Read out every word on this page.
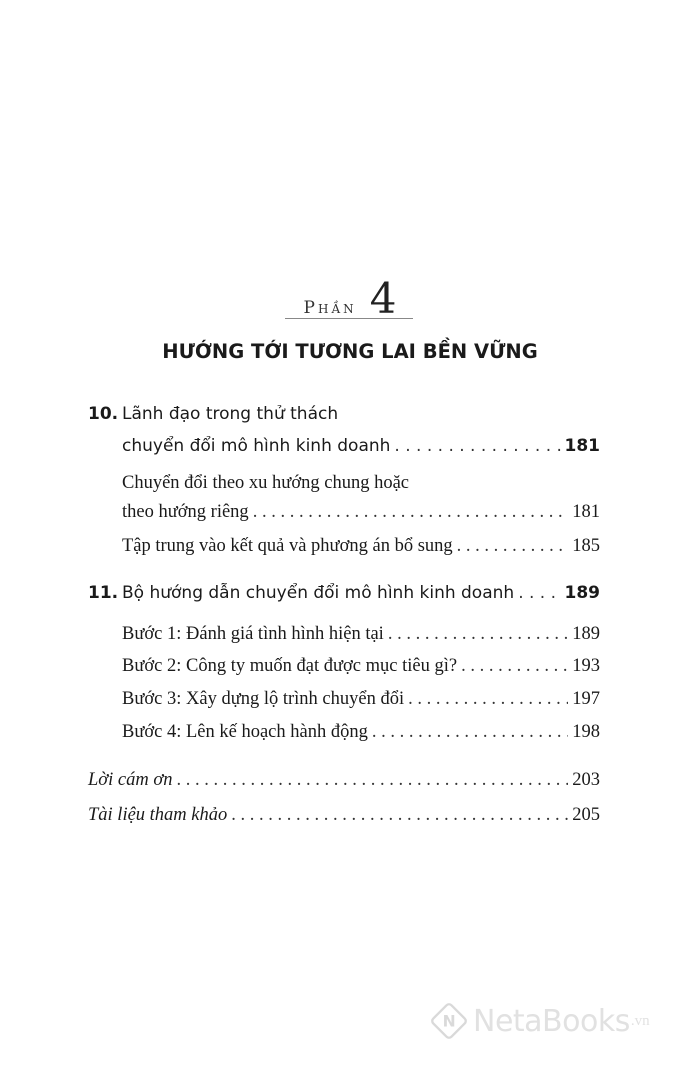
Phần 4
HƯỚNG TỚI TƯƠNG LAI BỀN VỮNG
10. Lãnh đạo trong thử thách
chuyển đổi mô hình kinh doanh . . .	181
Chuyển đổi theo xu hướng chung hoặc
theo hướng riêng . . .	181
Tập trung vào kết quả và phương án bổ sung . . .	185
11. Bộ hướng dẫn chuyển đổi mô hình kinh doanh . . .	189
Bước 1: Đánh giá tình hình hiện tại . . .	189
Bước 2: Công ty muốn đạt được mục tiêu gì? . . .	193
Bước 3: Xây dựng lộ trình chuyển đổi . . .	197
Bước 4: Lên kế hoạch hành động . . .	198
Lời cám ơn . . .	203
Tài liệu tham khảo . . .	205
N NetaBooks .vn
